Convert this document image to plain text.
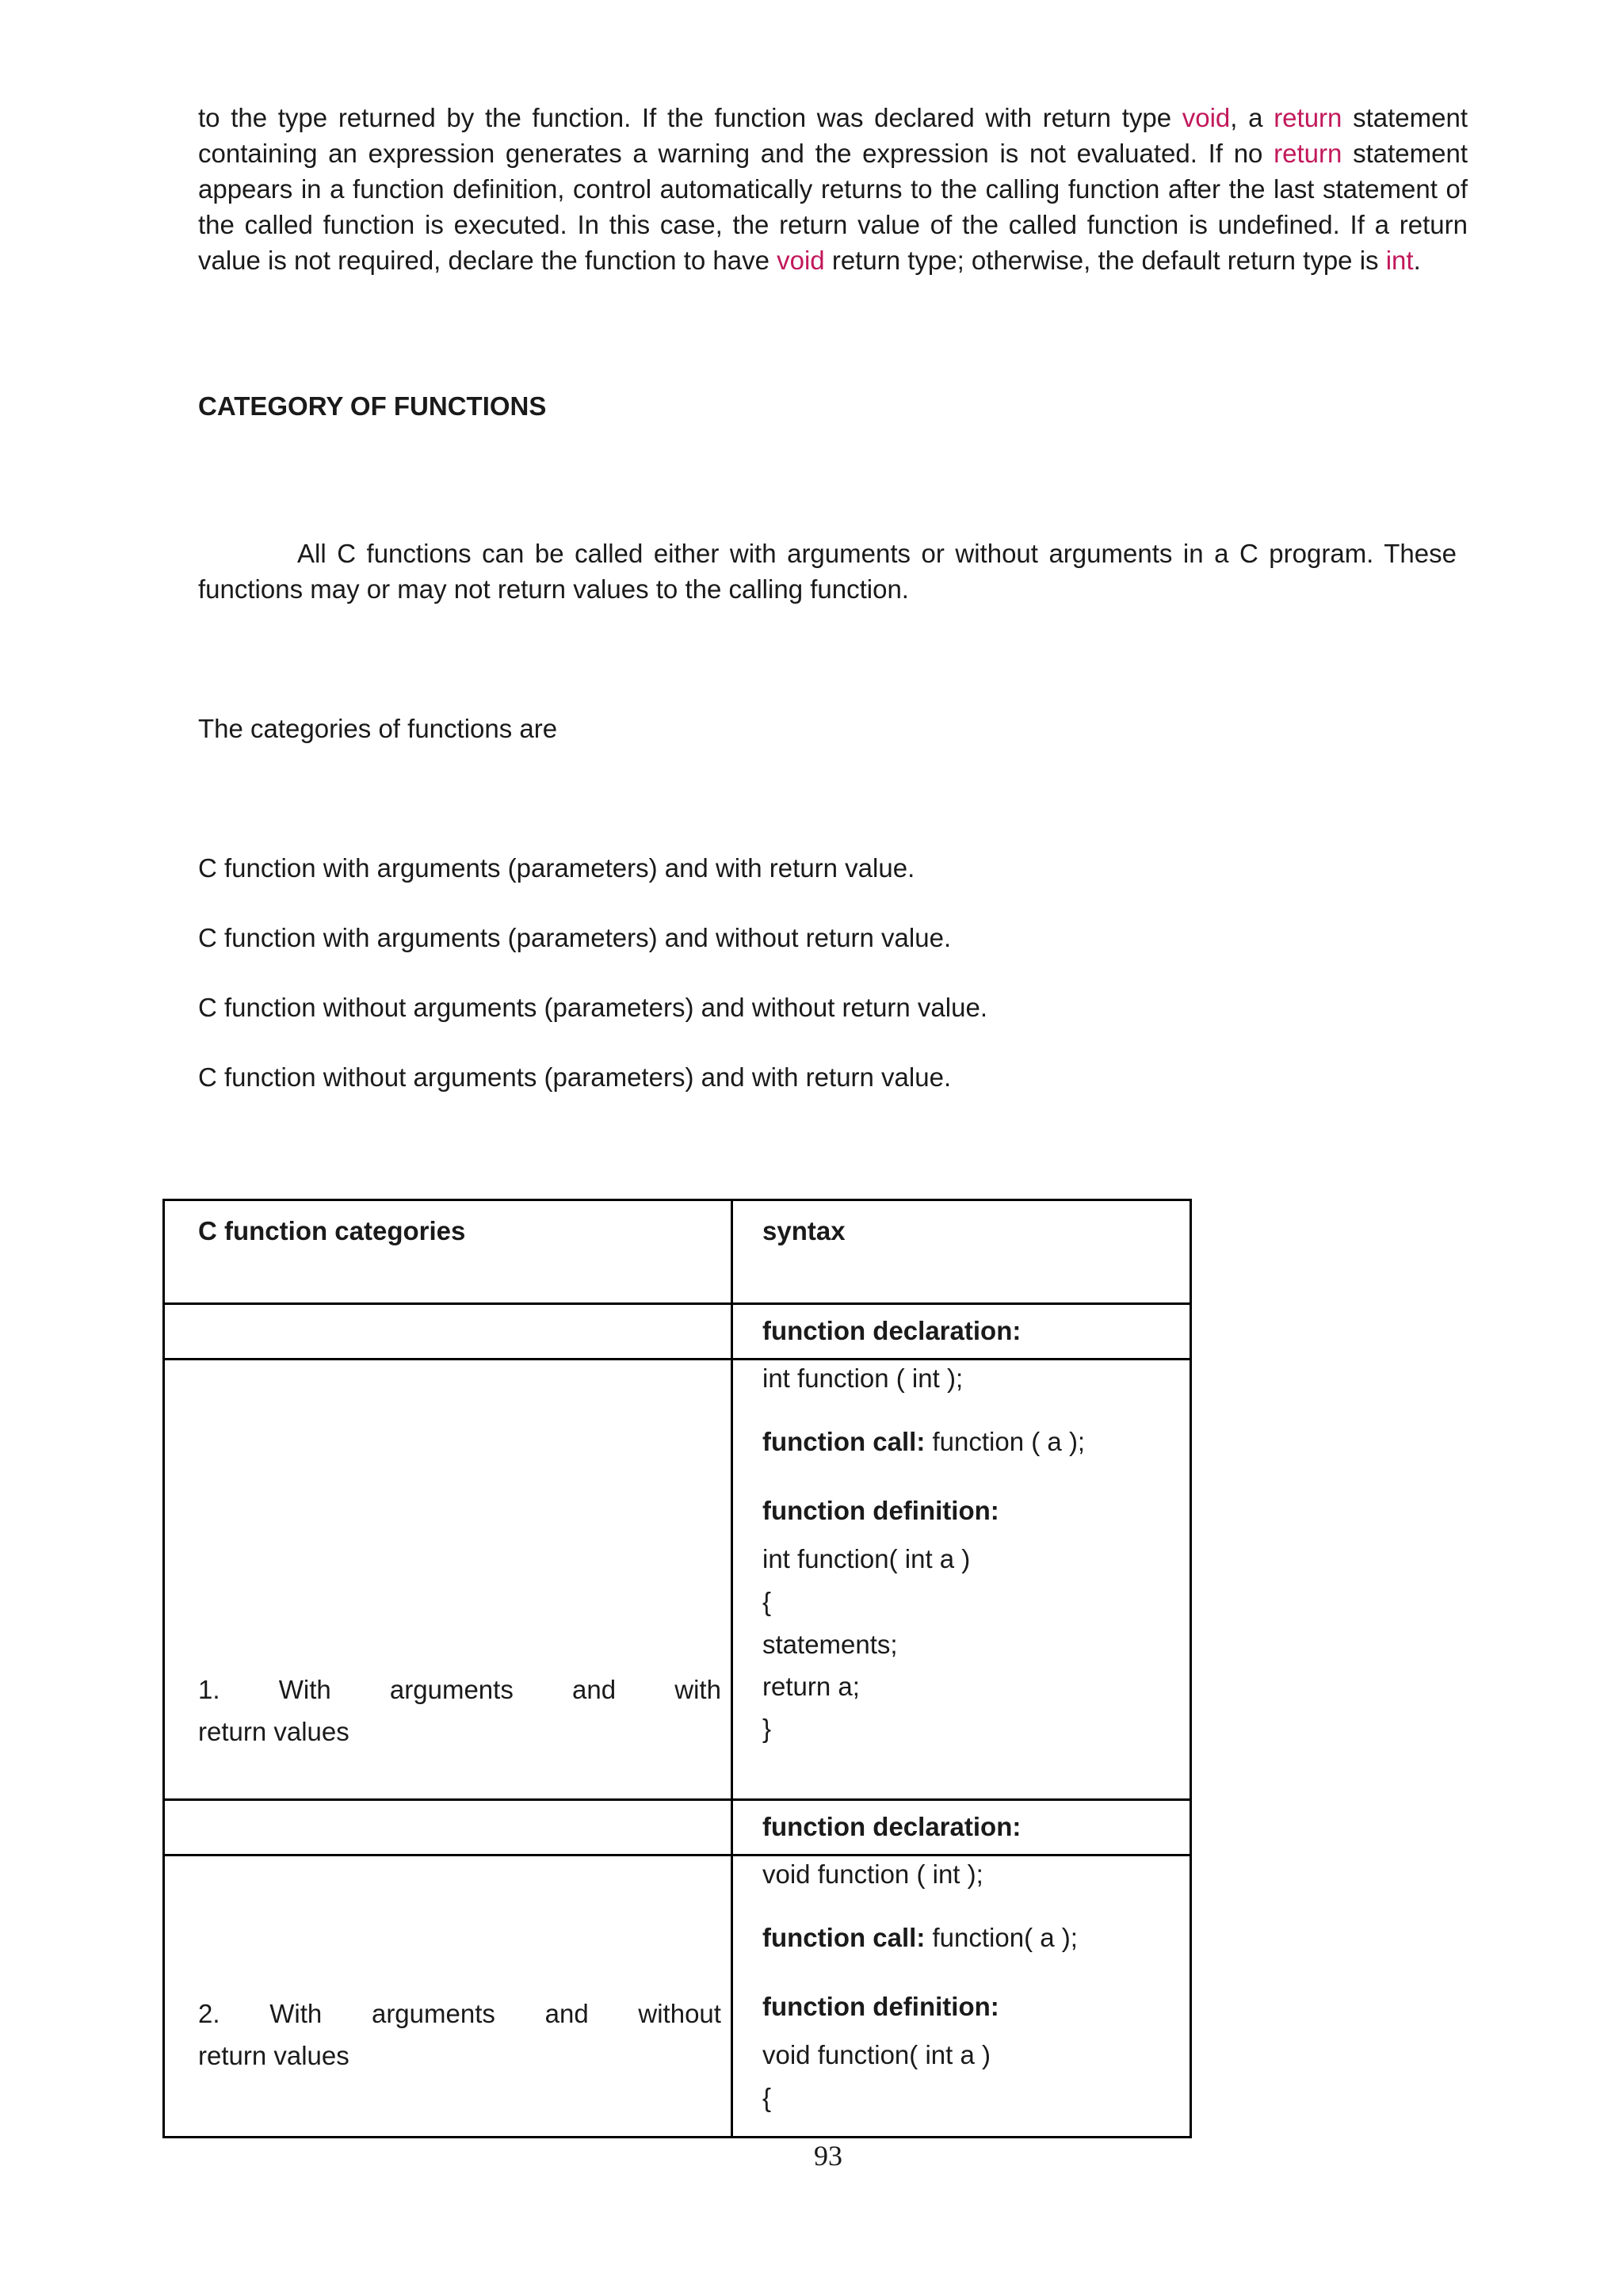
to the type returned by the function. If the function was declared with return type void, a return statement containing an expression generates a warning and the expression is not evaluated. If no return statement appears in a function definition, control automatically returns to the calling function after the last statement of the called function is executed. In this case, the return value of the called function is undefined. If a return value is not required, declare the function to have void return type; otherwise, the default return type is int.
CATEGORY OF FUNCTIONS
All C functions can be called either with arguments or without arguments in a C program. These functions may or may not return values to the calling function.
The categories of functions are
C function with arguments (parameters) and with return value.
C function with arguments (parameters) and without return value.
C function without arguments (parameters) and without return value.
C function without arguments (parameters) and with return value.
C function categories	syntax
function declaration:
int function ( int );
function call: function ( a );
function definition:
int function( int a )
{
statements;
return a;
}
1. With arguments and with
return values
function declaration:
void function ( int );
function call: function( a );
function definition:
void function( int a )
{
2. With arguments and without
return values
93
